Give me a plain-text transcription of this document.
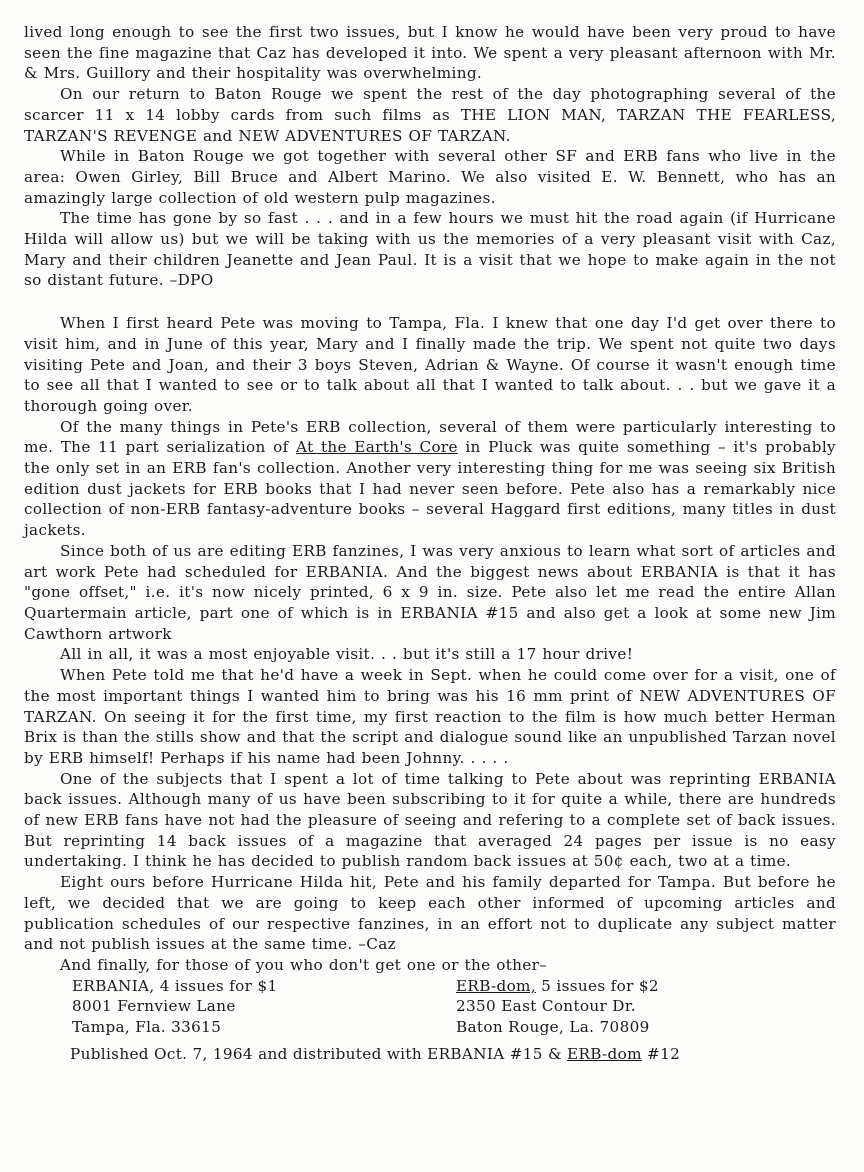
lived long enough to see the first two issues, but I know he would have been very proud to have seen the fine magazine that Caz has developed it into. We spent a very pleasant afternoon with Mr. & Mrs. Guillory and their hospitality was overwhelming.

On our return to Baton Rouge we spent the rest of the day photographing several of the scarcer 11 x 14 lobby cards from such films as THE LION MAN, TARZAN THE FEARLESS, TARZAN'S REVENGE and NEW ADVENTURES OF TARZAN.

While in Baton Rouge we got together with several other SF and ERB fans who live in the area: Owen Girley, Bill Bruce and Albert Marino. We also visited E. W. Bennett, who has an amazingly large collection of old western pulp magazines.

The time has gone by so fast . . . and in a few hours we must hit the road again (if Hurricane Hilda will allow us) but we will be taking with us the memories of a very pleasant visit with Caz, Mary and their children Jeanette and Jean Paul. It is a visit that we hope to make again in the not so distant future. –DPO

When I first heard Pete was moving to Tampa, Fla. I knew that one day I'd get over there to visit him, and in June of this year, Mary and I finally made the trip. We spent not quite two days visiting Pete and Joan, and their 3 boys Steven, Adrian & Wayne. Of course it wasn't enough time to see all that I wanted to see or to talk about all that I wanted to talk about. . . but we gave it a thorough going over.

Of the many things in Pete's ERB collection, several of them were particularly interesting to me. The 11 part serialization of At the Earth's Core in Pluck was quite something – it's probably the only set in an ERB fan's collection. Another very interesting thing for me was seeing six British edition dust jackets for ERB books that I had never seen before. Pete also has a remarkably nice collection of non-ERB fantasy-adventure books – several Haggard first editions, many titles in dust jackets.

Since both of us are editing ERB fanzines, I was very anxious to learn what sort of articles and art work Pete had scheduled for ERBANIA. And the biggest news about ERBANIA is that it has "gone offset," i.e. it's now nicely printed, 6 x 9 in. size. Pete also let me read the entire Allan Quartermain article, part one of which is in ERBANIA #15 and also get a look at some new Jim Cawthorn artwork

All in all, it was a most enjoyable visit. . . but it's still a 17 hour drive!

When Pete told me that he'd have a week in Sept. when he could come over for a visit, one of the most important things I wanted him to bring was his 16 mm print of NEW ADVENTURES OF TARZAN. On seeing it for the first time, my first reaction to the film is how much better Herman Brix is than the stills show and that the script and dialogue sound like an unpublished Tarzan novel by ERB himself! Perhaps if his name had been Johnny. . . . .

One of the subjects that I spent a lot of time talking to Pete about was reprinting ERBANIA back issues. Although many of us have been subscribing to it for quite a while, there are hundreds of new ERB fans have not had the pleasure of seeing and refering to a complete set of back issues. But reprinting 14 back issues of a magazine that averaged 24 pages per issue is no easy undertaking. I think he has decided to publish random back issues at 50¢ each, two at a time.

Eight ours before Hurricane Hilda hit, Pete and his family departed for Tampa. But before he left, we decided that we are going to keep each other informed of upcoming articles and publication schedules of our respective fanzines, in an effort not to duplicate any subject matter and not publish issues at the same time. –Caz

And finally, for those of you who don't get one or the other–

ERBANIA, 4 issues for $1
8001 Fernview Lane
Tampa, Fla. 33615
ERB-dom, 5 issues for $2
2350 East Contour Dr.
Baton Rouge, La. 70809
Published Oct. 7, 1964 and distributed with ERBANIA #15 & ERB-dom #12
